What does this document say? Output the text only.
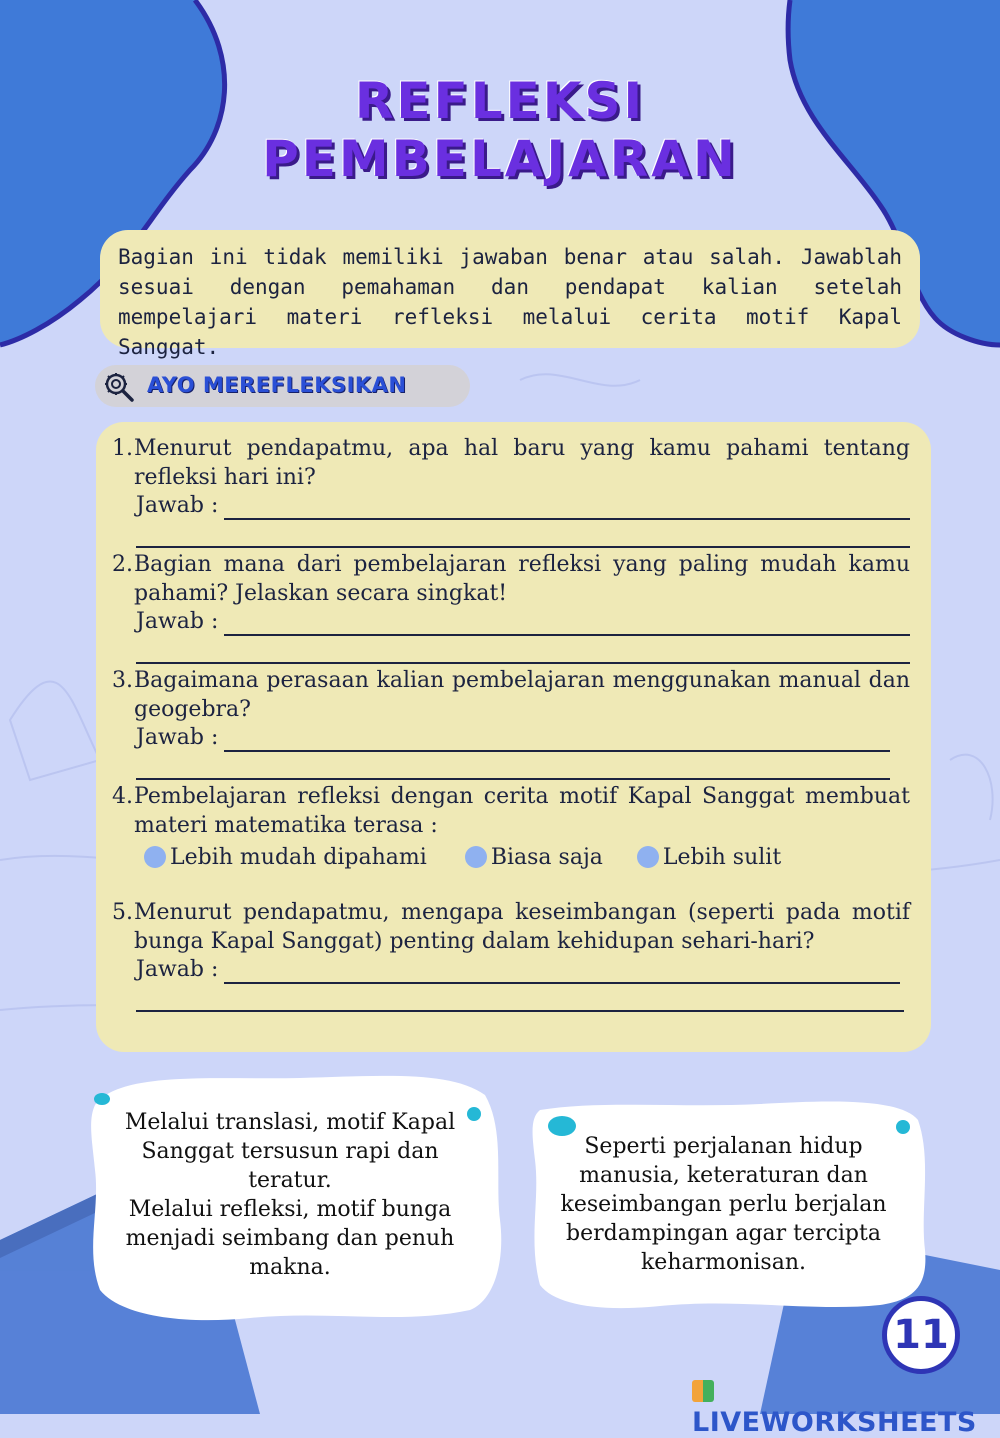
REFLEKSI
PEMBELAJARAN
Bagian ini tidak memiliki jawaban benar atau salah. Jawablah sesuai dengan pemahaman dan pendapat kalian setelah mempelajari materi refleksi melalui cerita motif Kapal Sanggat.
AYO MEREFLEKSIKAN
1. Menurut pendapatmu, apa hal baru yang kamu pahami tentang refleksi hari ini?
Jawab :
2. Bagian mana dari pembelajaran refleksi yang paling mudah kamu pahami? Jelaskan secara singkat!
Jawab :
3. Bagaimana perasaan kalian pembelajaran menggunakan manual dan geogebra?
Jawab :
4. Pembelajaran refleksi dengan cerita motif Kapal Sanggat membuat materi matematika terasa :
Lebih mudah dipahami	Biasa saja	Lebih sulit
5. Menurut pendapatmu, mengapa keseimbangan (seperti pada motif bunga Kapal Sanggat) penting dalam kehidupan sehari-hari?
Jawab :
Melalui translasi, motif Kapal
Sanggat tersusun rapi dan
teratur.
Melalui refleksi, motif bunga
menjadi seimbang dan penuh
makna.
Seperti perjalanan hidup
manusia, keteraturan dan
keseimbangan perlu berjalan
berdampingan agar tercipta
keharmonisan.
11
LIVEWORKSHEETS
